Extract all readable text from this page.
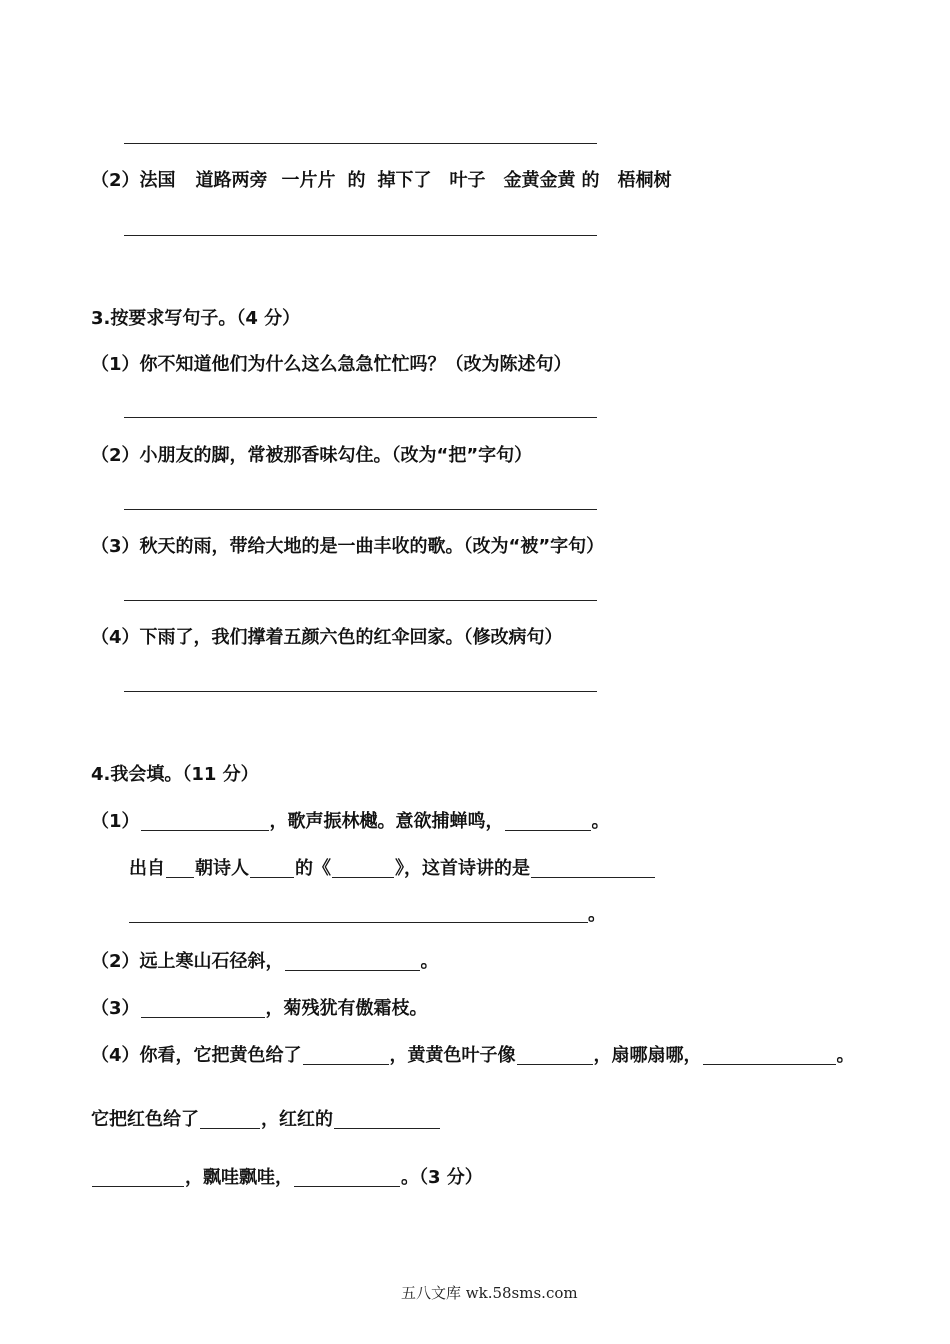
（2）法国 道路两旁 一片片 的 掉下了 叶子 金黄金黄 的 梧桐树
3.按要求写句子。（4 分）
（1）你不知道他们为什么这么急急忙忙吗？（改为陈述句）
（2）小朋友的脚，常被那香味勾住。（改为“把”字句）
（3）秋天的雨，带给大地的是一曲丰收的歌。（改为“被”字句）
（4）下雨了，我们撑着五颜六色的红伞回家。（修改病句）
4.我会填。（11 分）
（1）	，歌声振林樾。意欲捕蝉鸣，	。
出自 朝诗人	的《	》，这首诗讲的是
。
（2）远上寒山石径斜，	。
（3）	，菊残犹有傲霜枝。
（4）你看，它把黄色给了	，黄黄色叶子像	，扇哪扇哪，	。
它把红色给了	，红红的
，飘哇飘哇，	。（3 分）
五八文库 wk.58sms.com
